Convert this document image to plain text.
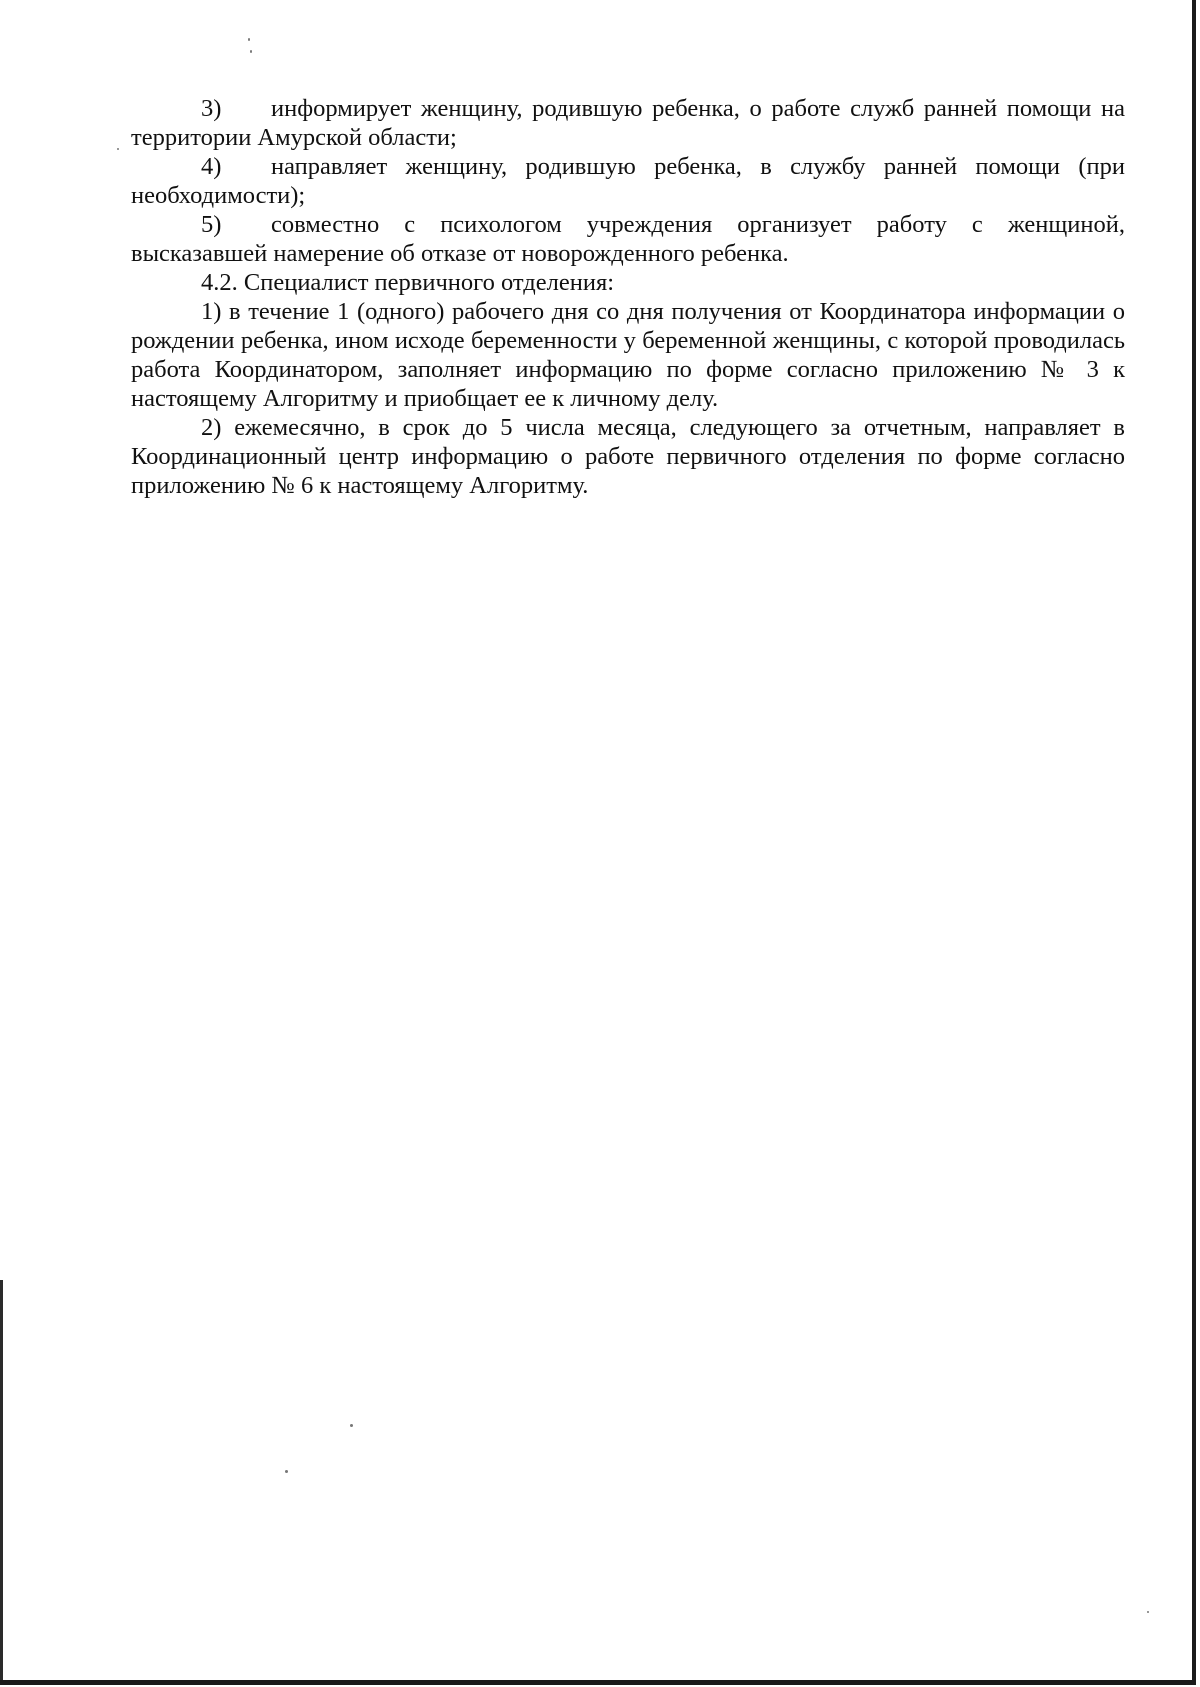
3) информирует женщину, родившую ребенка, о работе служб ранней помощи на территории Амурской области;

4) направляет женщину, родившую ребенка, в службу ранней помощи (при необходимости);

5) совместно с психологом учреждения организует работу с женщиной, высказавшей намерение об отказе от новорожденного ребенка.

4.2. Специалист первичного отделения:

1) в течение 1 (одного) рабочего дня со дня получения от Координатора информации о рождении ребенка, ином исходе беременности у беременной женщины, с которой проводилась работа Координатором, заполняет информацию по форме согласно приложению № 3 к настоящему Алгоритму и приобщает ее к личному делу.

2) ежемесячно, в срок до 5 числа месяца, следующего за отчетным, направляет в Координационный центр информацию о работе первичного отделения по форме согласно приложению № 6 к настоящему Алгоритму.
